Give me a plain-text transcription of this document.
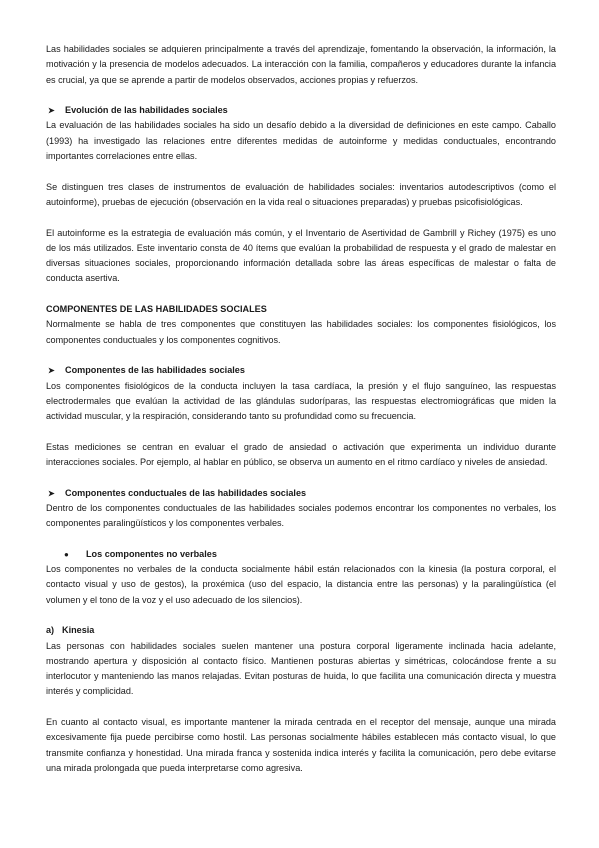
Las habilidades sociales se adquieren principalmente a través del aprendizaje, fomentando la observación, la información, la motivación y la presencia de modelos adecuados. La interacción con la familia, compañeros y educadores durante la infancia es crucial, ya que se aprende a partir de modelos observados, acciones propias y refuerzos.

➤	Evolución de las habilidades sociales

La evaluación de las habilidades sociales ha sido un desafío debido a la diversidad de definiciones en este campo. Caballo (1993) ha investigado las relaciones entre diferentes medidas de autoinforme y medidas conductuales, encontrando importantes correlaciones entre ellas.

Se distinguen tres clases de instrumentos de evaluación de habilidades sociales: inventarios autodescriptivos (como el autoinforme), pruebas de ejecución (observación en la vida real o situaciones preparadas) y pruebas psicofisiológicas.

El autoinforme es la estrategia de evaluación más común, y el Inventario de Asertividad de Gambrill y Richey (1975) es uno de los más utilizados. Este inventario consta de 40 ítems que evalúan la probabilidad de respuesta y el grado de malestar en diversas situaciones sociales, proporcionando información detallada sobre las áreas específicas de malestar o falta de conducta asertiva.

COMPONENTES DE LAS HABILIDADES SOCIALES

Normalmente se habla de tres componentes que constituyen las habilidades sociales: los componentes fisiológicos, los componentes conductuales y los componentes cognitivos.

➤	Componentes de las habilidades sociales

Los componentes fisiológicos de la conducta incluyen la tasa cardíaca, la presión y el flujo sanguíneo, las respuestas electrodermales que evalúan la actividad de las glándulas sudoríparas, las respuestas electromiográficas que miden la actividad muscular, y la respiración, considerando tanto su profundidad como su frecuencia.

Estas mediciones se centran en evaluar el grado de ansiedad o activación que experimenta un individuo durante interacciones sociales. Por ejemplo, al hablar en público, se observa un aumento en el ritmo cardíaco y niveles de ansiedad.

➤	Componentes conductuales de las habilidades sociales

Dentro de los componentes conductuales de las habilidades sociales podemos encontrar los componentes no verbales, los componentes paralingüísticos y los componentes verbales.

●	Los componentes no verbales

Los componentes no verbales de la conducta socialmente hábil están relacionados con la kinesia (la postura corporal, el contacto visual y uso de gestos), la proxémica (uso del espacio, la distancia entre las personas) y la paralingüística (el volumen y el tono de la voz y el uso adecuado de los silencios).

a) Kinesia

Las personas con habilidades sociales suelen mantener una postura corporal ligeramente inclinada hacia adelante, mostrando apertura y disposición al contacto físico. Mantienen posturas abiertas y simétricas, colocándose frente a su interlocutor y manteniendo las manos relajadas. Evitan posturas de huida, lo que facilita una comunicación directa y muestra interés y complicidad.

En cuanto al contacto visual, es importante mantener la mirada centrada en el receptor del mensaje, aunque una mirada excesivamente fija puede percibirse como hostil. Las personas socialmente hábiles establecen más contacto visual, lo que transmite confianza y honestidad. Una mirada franca y sostenida indica interés y facilita la comunicación, pero debe evitarse una mirada prolongada que pueda interpretarse como agresiva.
